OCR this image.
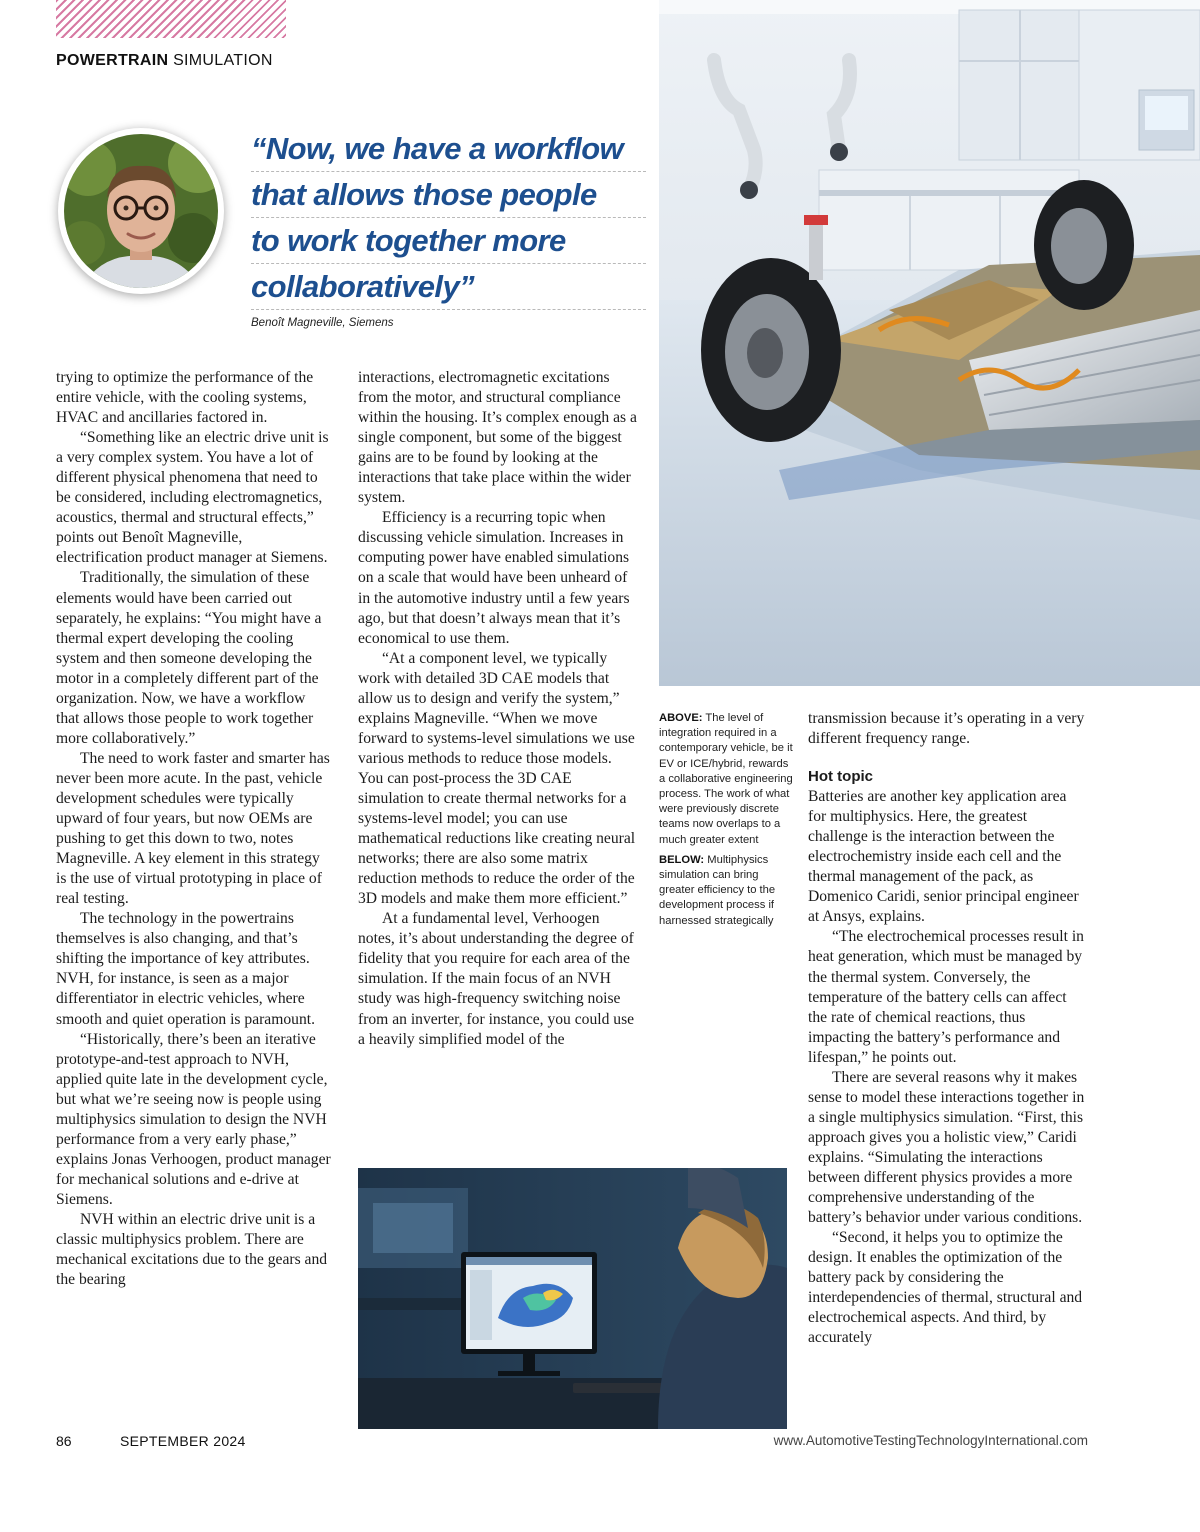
POWERTRAIN SIMULATION
“Now, we have a workflow
that allows those people
to work together more
collaboratively”
Benoît Magneville, Siemens

ABOVE: The level of integration required in a contemporary vehicle, be it EV or ICE/hybrid, rewards a collaborative engineering process. The work of what were previously discrete teams now overlaps to a much greater extent

BELOW: Multiphysics simulation can bring greater efficiency to the development process if harnessed strategically

trying to optimize the performance of the entire vehicle, with the cooling systems, HVAC and ancillaries factored in.

“Something like an electric drive unit is a very complex system. You have a lot of different physical phenomena that need to be considered, including electromagnetics, acoustics, thermal and structural effects,” points out Benoît Magneville, electrification product manager at Siemens.

Traditionally, the simulation of these elements would have been carried out separately, he explains: “You might have a thermal expert developing the cooling system and then someone developing the motor in a completely different part of the organization. Now, we have a workflow that allows those people to work together more collaboratively.”

The need to work faster and smarter has never been more acute. In the past, vehicle development schedules were typically upward of four years, but now OEMs are pushing to get this down to two, notes Magneville. A key element in this strategy is the use of virtual prototyping in place of real testing.

The technology in the powertrains themselves is also changing, and that’s shifting the importance of key attributes. NVH, for instance, is seen as a major differentiator in electric vehicles, where smooth and quiet operation is paramount.

“Historically, there’s been an iterative prototype-and-test approach to NVH, applied quite late in the development cycle, but what we’re seeing now is people using multiphysics simulation to design the NVH performance from a very early phase,” explains Jonas Verhoogen, product manager for mechanical solutions and e-drive at Siemens.

NVH within an electric drive unit is a classic multiphysics problem. There are mechanical excitations due to the gears and the bearing

interactions, electromagnetic excitations from the motor, and structural compliance within the housing. It’s complex enough as a single component, but some of the biggest gains are to be found by looking at the interactions that take place within the wider system.

Efficiency is a recurring topic when discussing vehicle simulation. Increases in computing power have enabled simulations on a scale that would have been unheard of in the automotive industry until a few years ago, but that doesn’t always mean that it’s economical to use them.

“At a component level, we typically work with detailed 3D CAE models that allow us to design and verify the system,” explains Magneville. “When we move forward to systems-level simulations we use various methods to reduce those models. You can post-process the 3D CAE simulation to create thermal networks for a systems-level model; you can use mathematical reductions like creating neural networks; there are also some matrix reduction methods to reduce the order of the 3D models and make them more efficient.”

At a fundamental level, Verhoogen notes, it’s about understanding the degree of fidelity that you require for each area of the simulation. If the main focus of an NVH study was high-frequency switching noise from an inverter, for instance, you could use a heavily simplified model of the

transmission because it’s operating in a very different frequency range.

Hot topic

Batteries are another key application area for multiphysics. Here, the greatest challenge is the interaction between the electrochemistry inside each cell and the thermal management of the pack, as Domenico Caridi, senior principal engineer at Ansys, explains.

“The electrochemical processes result in heat generation, which must be managed by the thermal system. Conversely, the temperature of the battery cells can affect the rate of chemical reactions, thus impacting the battery’s performance and lifespan,” he points out.

There are several reasons why it makes sense to model these interactions together in a single multiphysics simulation. “First, this approach gives you a holistic view,” Caridi explains. “Simulating the interactions between different physics provides a more comprehensive understanding of the battery’s behavior under various conditions.

“Second, it helps you to optimize the design. It enables the optimization of the battery pack by considering the interdependencies of thermal, structural and electrochemical aspects. And third, by accurately

86	SEPTEMBER 2024	www.AutomotiveTestingTechnologyInternational.com
